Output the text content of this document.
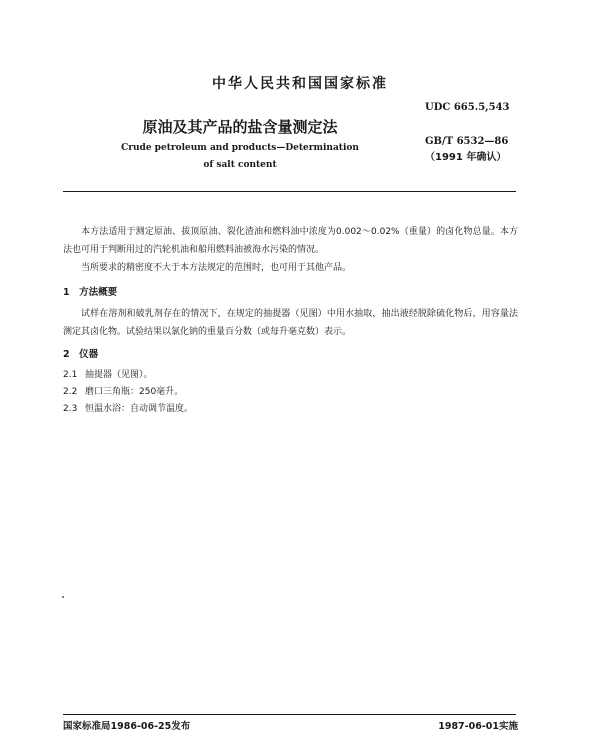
中华人民共和国国家标准
UDC 665.5,543
原油及其产品的盐含量测定法
GB/T 6532—86
（1991 年确认）
Crude petroleum and products—Determination
of salt content
本方法适用于测定原油、拔顶原油、裂化渣油和燃料油中浓度为0.002～0.02%（重量）的卤化物总量。本方法也可用于判断用过的汽轮机油和船用燃料油被海水污染的情况。
当所要求的精密度不大于本方法规定的范围时，也可用于其他产品。
1　方法概要
试样在溶剂和破乳剂存在的情况下，在规定的抽提器（见图）中用水抽取，抽出液经脱除硫化物后，用容量法测定其卤化物。试验结果以氯化钠的重量百分数（或每升毫克数）表示。
2　仪器
2.1 抽提器（见图）。
2.2 磨口三角瓶：250毫升。
2.3 恒温水浴：自动调节温度。
国家标准局1986-06-25发布	1987-06-01实施
